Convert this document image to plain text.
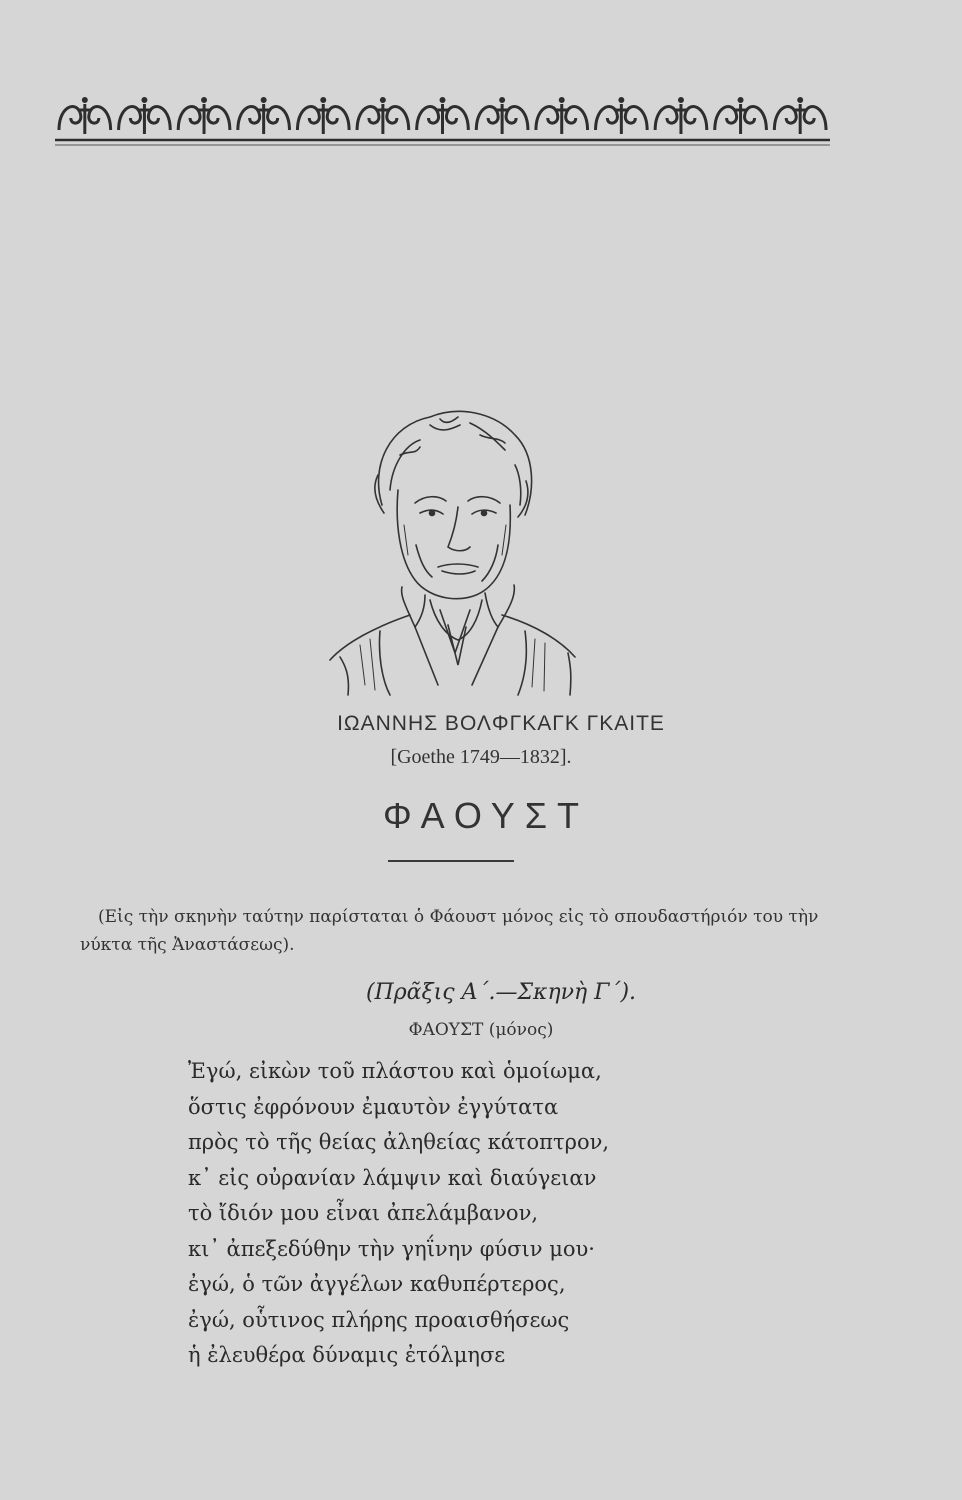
ΙΩΑΝΝΗΣ ΒΟΛΦΓΚΑΓΚ ΓΚΑΙΤΕ
[Goethe 1749—1832].
ΦΑΟΥΣΤ

(Εἰς τὴν σκηνὴν ταύτην παρίσταται ὁ Φάουστ μόνος εἰς τὸ σπουδαστήριόν του τὴν νύκτα τῆς Ἀναστάσεως).

(Πρᾶξις Α΄.—Σκηνὴ Γ΄).
ΦΑΟΥΣΤ (μόνος)
Ἐγώ, εἰκὼν τοῦ πλάστου καὶ ὁμοίωμα,
ὅστις ἐφρόνουν ἐμαυτὸν ἐγγύτατα
πρὸς τὸ τῆς θείας ἀληθείας κάτοπτρον,
κ᾽ εἰς οὐρανίαν λάμψιν καὶ διαύγειαν
τὸ ἴδιόν μου εἶναι ἀπελάμβανον,
κι᾽ ἀπεξεδύθην τὴν γηΐνην φύσιν μου·
ἐγώ, ὁ τῶν ἀγγέλων καθυπέρτερος,
ἐγώ, οὗτινος πλήρης προαισθήσεως
ἡ ἐλευθέρα δύναμις ἐτόλμησε
